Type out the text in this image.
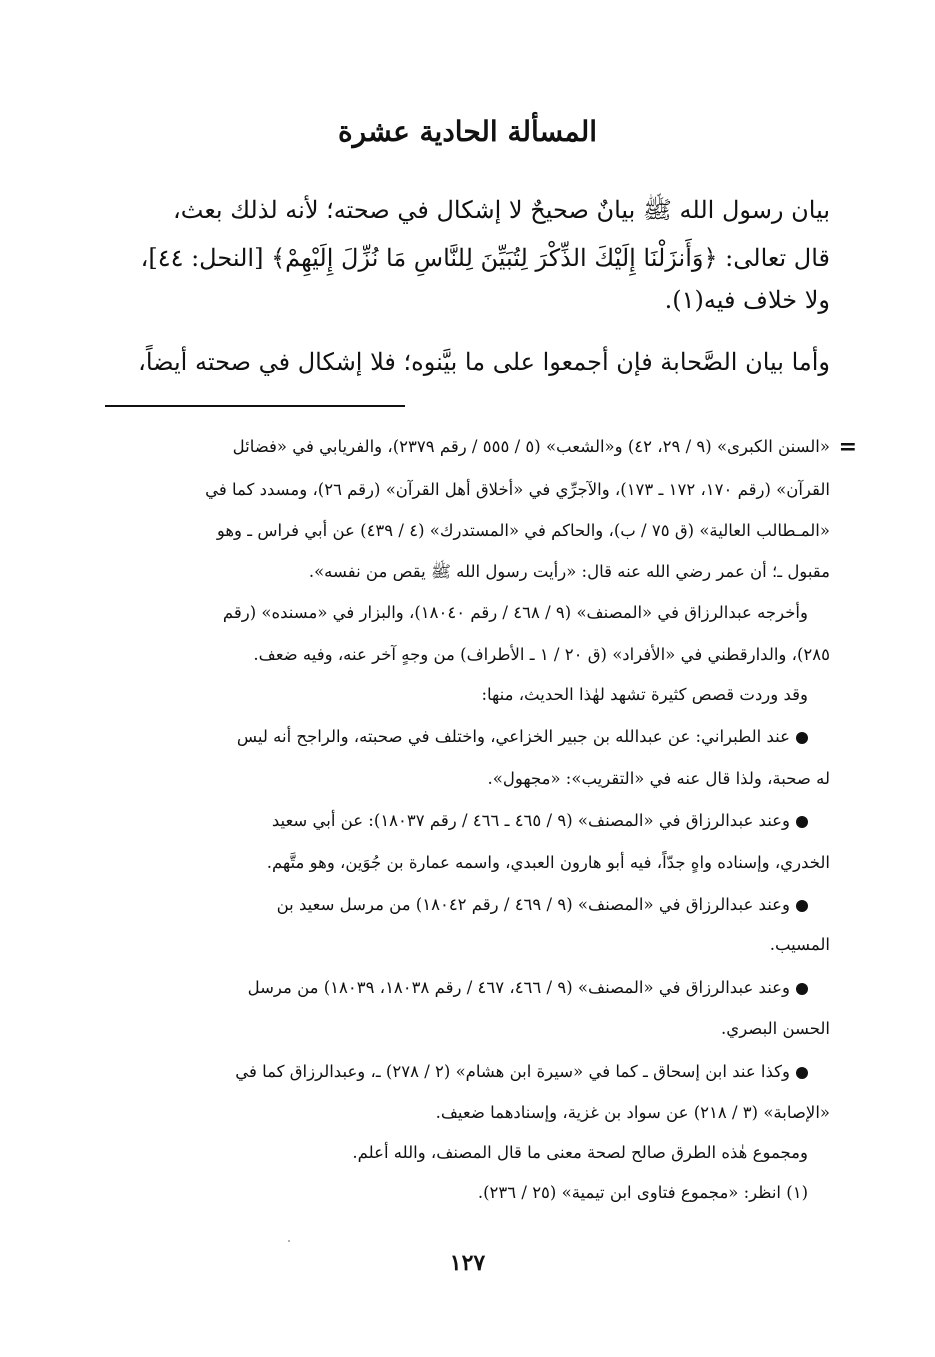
المسألة الحادية عشرة

بيان رسول الله ﷺ بيانٌ صحيحٌ لا إشكال في صحته؛ لأنه لذلك بعث،

قال تعالى: ﴿وَأَنزَلْنَا إِلَيْكَ الذِّكْرَ لِتُبَيِّنَ لِلنَّاسِ مَا نُزِّلَ إِلَيْهِمْ﴾ [النحل: ٤٤]،

ولا خلاف فيه(١).

وأما بيان الصَّحابة فإن أجمعوا على ما بيَّنوه؛ فلا إشكال في صحته أيضاً،

=

«السنن الكبرى» (٩ / ٢٩، ٤٢) و«الشعب» (٥ / ٥٥٥ / رقم ٢٣٧٩)، والفريابي في «فضائل

القرآن» (رقم ١٧٠، ١٧٢ ـ ١٧٣)، والآجرِّي في «أخلاق أهل القرآن» (رقم ٢٦)، ومسدد كما في

«المـطالب العالية» (ق ٧٥ / ب)، والحاكم في «المستدرك» (٤ / ٤٣٩) عن أبي فراس ـ وهو

مقبول ـ؛ أن عمر رضي الله عنه قال: «رأيت رسول الله ﷺ يقص من نفسه».

وأخرجه عبدالرزاق في «المصنف» (٩ / ٤٦٨ / رقم ١٨٠٤٠)، والبزار في «مسنده» (رقم

٢٨٥)، والدارقطني في «الأفراد» (ق ٢٠ / ١ ـ الأطراف) من وجهٍ آخر عنه، وفيه ضعف.

وقد وردت قصص كثيرة تشهد لهٰذا الحديث، منها:

عند الطبراني: عن عبدالله بن جبير الخزاعي، واختلف في صحبته، والراجح أنه ليس

له صحبة، ولذا قال عنه في «التقريب»: «مجهول».

وعند عبدالرزاق في «المصنف» (٩ / ٤٦٥ ـ ٤٦٦ / رقم ١٨٠٣٧): عن أبي سعيد

الخدري، وإسناده واهٍ جدّاً، فيه أبو هارون العبدي، واسمه عمارة بن جُوَين، وهو متَّهم.

وعند عبدالرزاق في «المصنف» (٩ / ٤٦٩ / رقم ١٨٠٤٢) من مرسل سعيد بن

المسيب.

وعند عبدالرزاق في «المصنف» (٩ / ٤٦٦، ٤٦٧ / رقم ١٨٠٣٨، ١٨٠٣٩) من مرسل

الحسن البصري.

وكذا عند ابن إسحاق ـ كما في «سيرة ابن هشام» (٢ / ٢٧٨) ـ، وعبدالرزاق كما في

«الإصابة» (٣ / ٢١٨) عن سواد بن غزية، وإسنادهما ضعيف.

ومجموع هٰذه الطرق صالح لصحة معنى ما قال المصنف، والله أعلم.

(١) انظر: «مجموع فتاوى ابن تيمية» (٢٥ / ٢٣٦).

١٢٧
